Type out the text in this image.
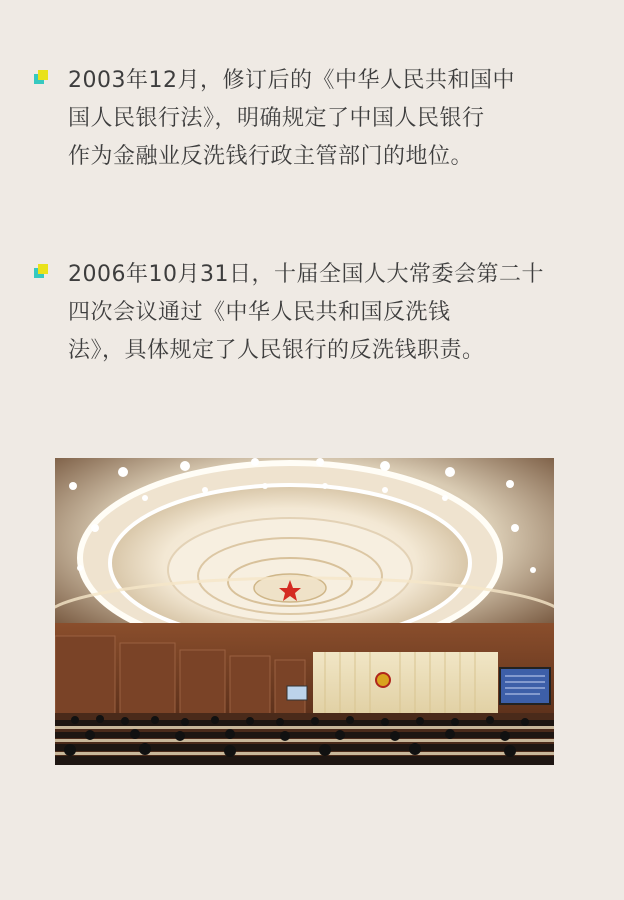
2003年12月，修订后的《中华人民共和国中
国人民银行法》，明确规定了中国人民银行
作为金融业反洗钱行政主管部门的地位。
2006年10月31日，十届全国人大常委会第二十
四次会议通过《中华人民共和国反洗钱
法》，具体规定了人民银行的反洗钱职责。
